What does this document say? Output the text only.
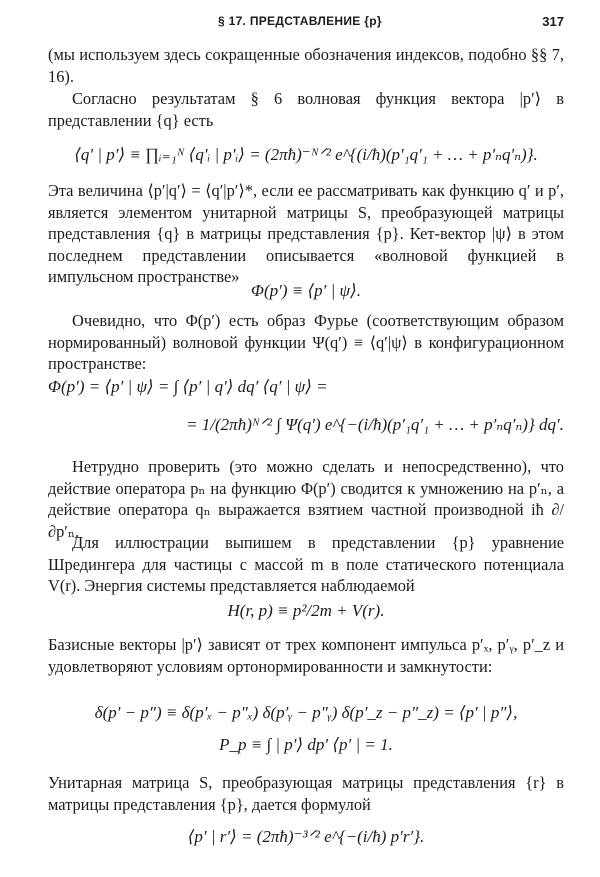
§ 17. ПРЕДСТАВЛЕНИЕ {p}	317

(мы используем здесь сокращенные обозначения индексов, подобно §§ 7, 16).

Согласно результатам § 6 волновая функция вектора |p′⟩ в представлении {q} есть

⟨q′ | p′⟩ ≡ ∏ᵢ₌₁ᴺ ⟨q′ᵢ | p′ᵢ⟩ = (2πħ)⁻ᴺᐟ² e^{(i/ħ)(p′₁q′₁ + … + p′ₙq′ₙ)}.

Эта величина ⟨p′|q′⟩ = ⟨q′|p′⟩*, если ее рассматривать как функцию q′ и p′, является элементом унитарной матрицы S, преобразующей матрицы представления {q} в матрицы представления {p}. Кет-вектор |ψ⟩ в этом последнем представлении описывается «волновой функцией в импульсном пространстве»

Φ(p′) ≡ ⟨p′ | ψ⟩.

Очевидно, что Φ(p′) есть образ Фурье (соответствующим образом нормированный) волновой функции Ψ(q′) ≡ ⟨q′|ψ⟩ в конфигурационном пространстве:

Φ(p′) = ⟨p′ | ψ⟩ = ∫ ⟨p′ | q′⟩ dq′ ⟨q′ | ψ⟩ =
= 1/(2πħ)ᴺᐟ² ∫ Ψ(q′) e^{−(i/ħ)(p′₁q′₁ + … + p′ₙq′ₙ)} dq′.

Нетрудно проверить (это можно сделать и непосредственно), что действие оператора pₙ на функцию Φ(p′) сводится к умножению на p′ₙ, а действие оператора qₙ выражается взятием частной производной iħ ∂/∂p′ₙ.

Для иллюстрации выпишем в представлении {p} уравнение Шредингера для частицы с массой m в поле статического потенциала V(r). Энергия системы представляется наблюдаемой

H(r, p) ≡ p²/2m + V(r).

Базисные векторы |p′⟩ зависят от трех компонент импульса p′ₓ, p′ᵧ, p′_z и удовлетворяют условиям ортонормированности и замкнутости:

δ(p′ − p″) ≡ δ(p′ₓ − p″ₓ) δ(p′ᵧ − p″ᵧ) δ(p′_z − p″_z) = ⟨p′ | p″⟩,
P_p ≡ ∫ | p′⟩ dp′ ⟨p′ | = 1.

Унитарная матрица S, преобразующая матрицы представления {r} в матрицы представления {p}, дается формулой

⟨p′ | r′⟩ = (2πħ)⁻³ᐟ² e^{−(i/ħ) p′r′}.
